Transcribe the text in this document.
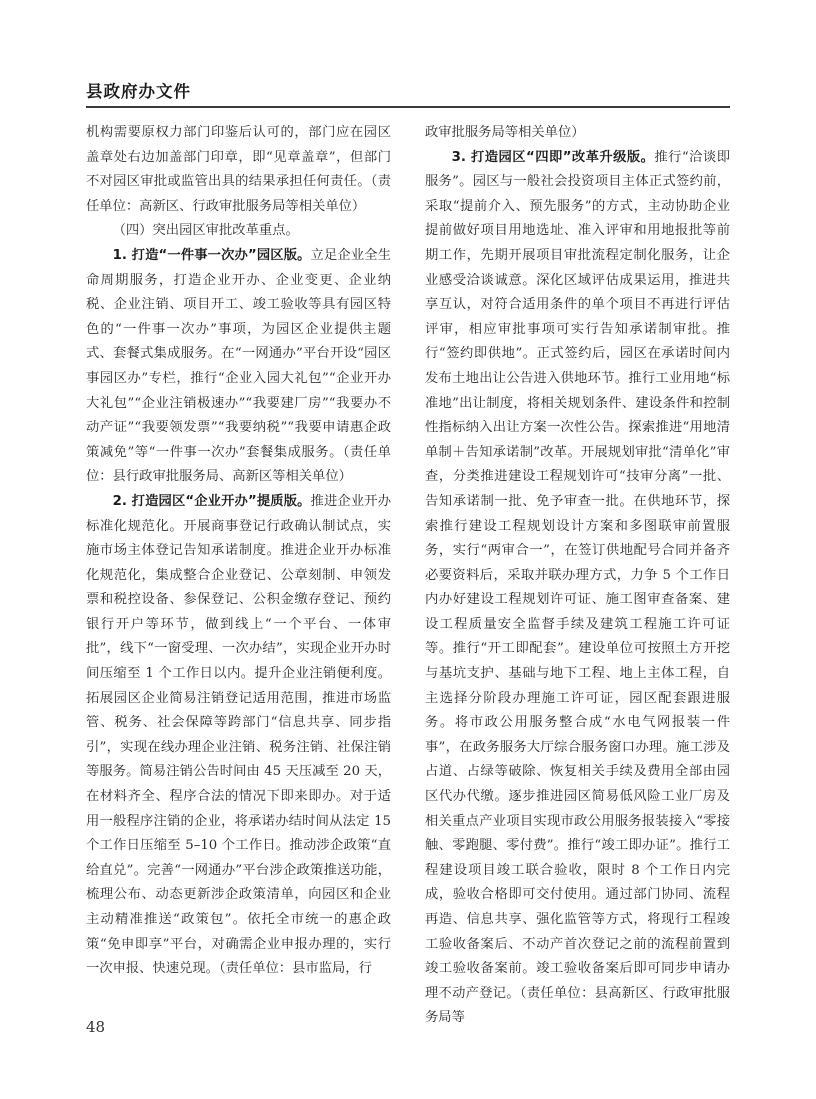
县政府办文件

机构需要原权力部门印鉴后认可的，部门应在园区盖章处右边加盖部门印章，即“见章盖章”，但部门不对园区审批或监管出具的结果承担任何责任。（责任单位：高新区、行政审批服务局等相关单位）

（四）突出园区审批改革重点。

1. 打造“一件事一次办”园区版。立足企业全生命周期服务，打造企业开办、企业变更、企业纳税、企业注销、项目开工、竣工验收等具有园区特色的“一件事一次办”事项，为园区企业提供主题式、套餐式集成服务。在“一网通办”平台开设“园区事园区办”专栏，推行“企业入园大礼包”“企业开办大礼包”“企业注销极速办”“我要建厂房”“我要办不动产证”“我要领发票”“我要纳税”“我要申请惠企政策减免”等“一件事一次办”套餐集成服务。（责任单位：县行政审批服务局、高新区等相关单位）

2. 打造园区“企业开办”提质版。推进企业开办标准化规范化。开展商事登记行政确认制试点，实施市场主体登记告知承诺制度。推进企业开办标准化规范化，集成整合企业登记、公章刻制、申领发票和税控设备、参保登记、公积金缴存登记、预约银行开户等环节，做到线上“一个平台、一体审批”，线下“一窗受理、一次办结”，实现企业开办时间压缩至 1 个工作日以内。提升企业注销便利度。拓展园区企业简易注销登记适用范围，推进市场监管、税务、社会保障等跨部门“信息共享、同步指引”，实现在线办理企业注销、税务注销、社保注销等服务。简易注销公告时间由 45 天压减至 20 天，在材料齐全、程序合法的情况下即来即办。对于适用一般程序注销的企业，将承诺办结时间从法定 15 个工作日压缩至 5–10 个工作日。推动涉企政策“直给直兑”。完善“一网通办”平台涉企政策推送功能，梳理公布、动态更新涉企政策清单，向园区和企业主动精准推送“政策包”。依托全市统一的惠企政策“免申即享”平台，对确需企业申报办理的，实行一次申报、快速兑现。（责任单位：县市监局，行

政审批服务局等相关单位）

3. 打造园区“四即”改革升级版。推行“洽谈即服务”。园区与一般社会投资项目主体正式签约前，采取“提前介入、预先服务”的方式，主动协助企业提前做好项目用地选址、准入评审和用地报批等前期工作，先期开展项目审批流程定制化服务，让企业感受洽谈诚意。深化区域评估成果运用，推进共享互认，对符合适用条件的单个项目不再进行评估评审，相应审批事项可实行告知承诺制审批。推行“签约即供地”。正式签约后，园区在承诺时间内发布土地出让公告进入供地环节。推行工业用地“标准地”出让制度，将相关规划条件、建设条件和控制性指标纳入出让方案一次性公告。探索推进“用地清单制＋告知承诺制”改革。开展规划审批“清单化”审查，分类推进建设工程规划许可“技审分离”一批、告知承诺制一批、免予审查一批。在供地环节，探索推行建设工程规划设计方案和多图联审前置服务，实行“两审合一”，在签订供地配号合同并备齐必要资料后，采取并联办理方式，力争 5 个工作日内办好建设工程规划许可证、施工图审查备案、建设工程质量安全监督手续及建筑工程施工许可证等。推行“开工即配套”。建设单位可按照土方开挖与基坑支护、基础与地下工程、地上主体工程，自主选择分阶段办理施工许可证，园区配套跟进服务。将市政公用服务整合成“水电气网报装一件事”，在政务服务大厅综合服务窗口办理。施工涉及占道、占绿等破除、恢复相关手续及费用全部由园区代办代缴。逐步推进园区简易低风险工业厂房及相关重点产业项目实现市政公用服务报装接入“零接触、零跑腿、零付费”。推行“竣工即办证”。推行工程建设项目竣工联合验收，限时 8 个工作日内完成，验收合格即可交付使用。通过部门协同、流程再造、信息共享、强化监管等方式，将现行工程竣工验收备案后、不动产首次登记之前的流程前置到竣工验收备案前。竣工验收备案后即可同步申请办理不动产登记。（责任单位：县高新区、行政审批服务局等

48
